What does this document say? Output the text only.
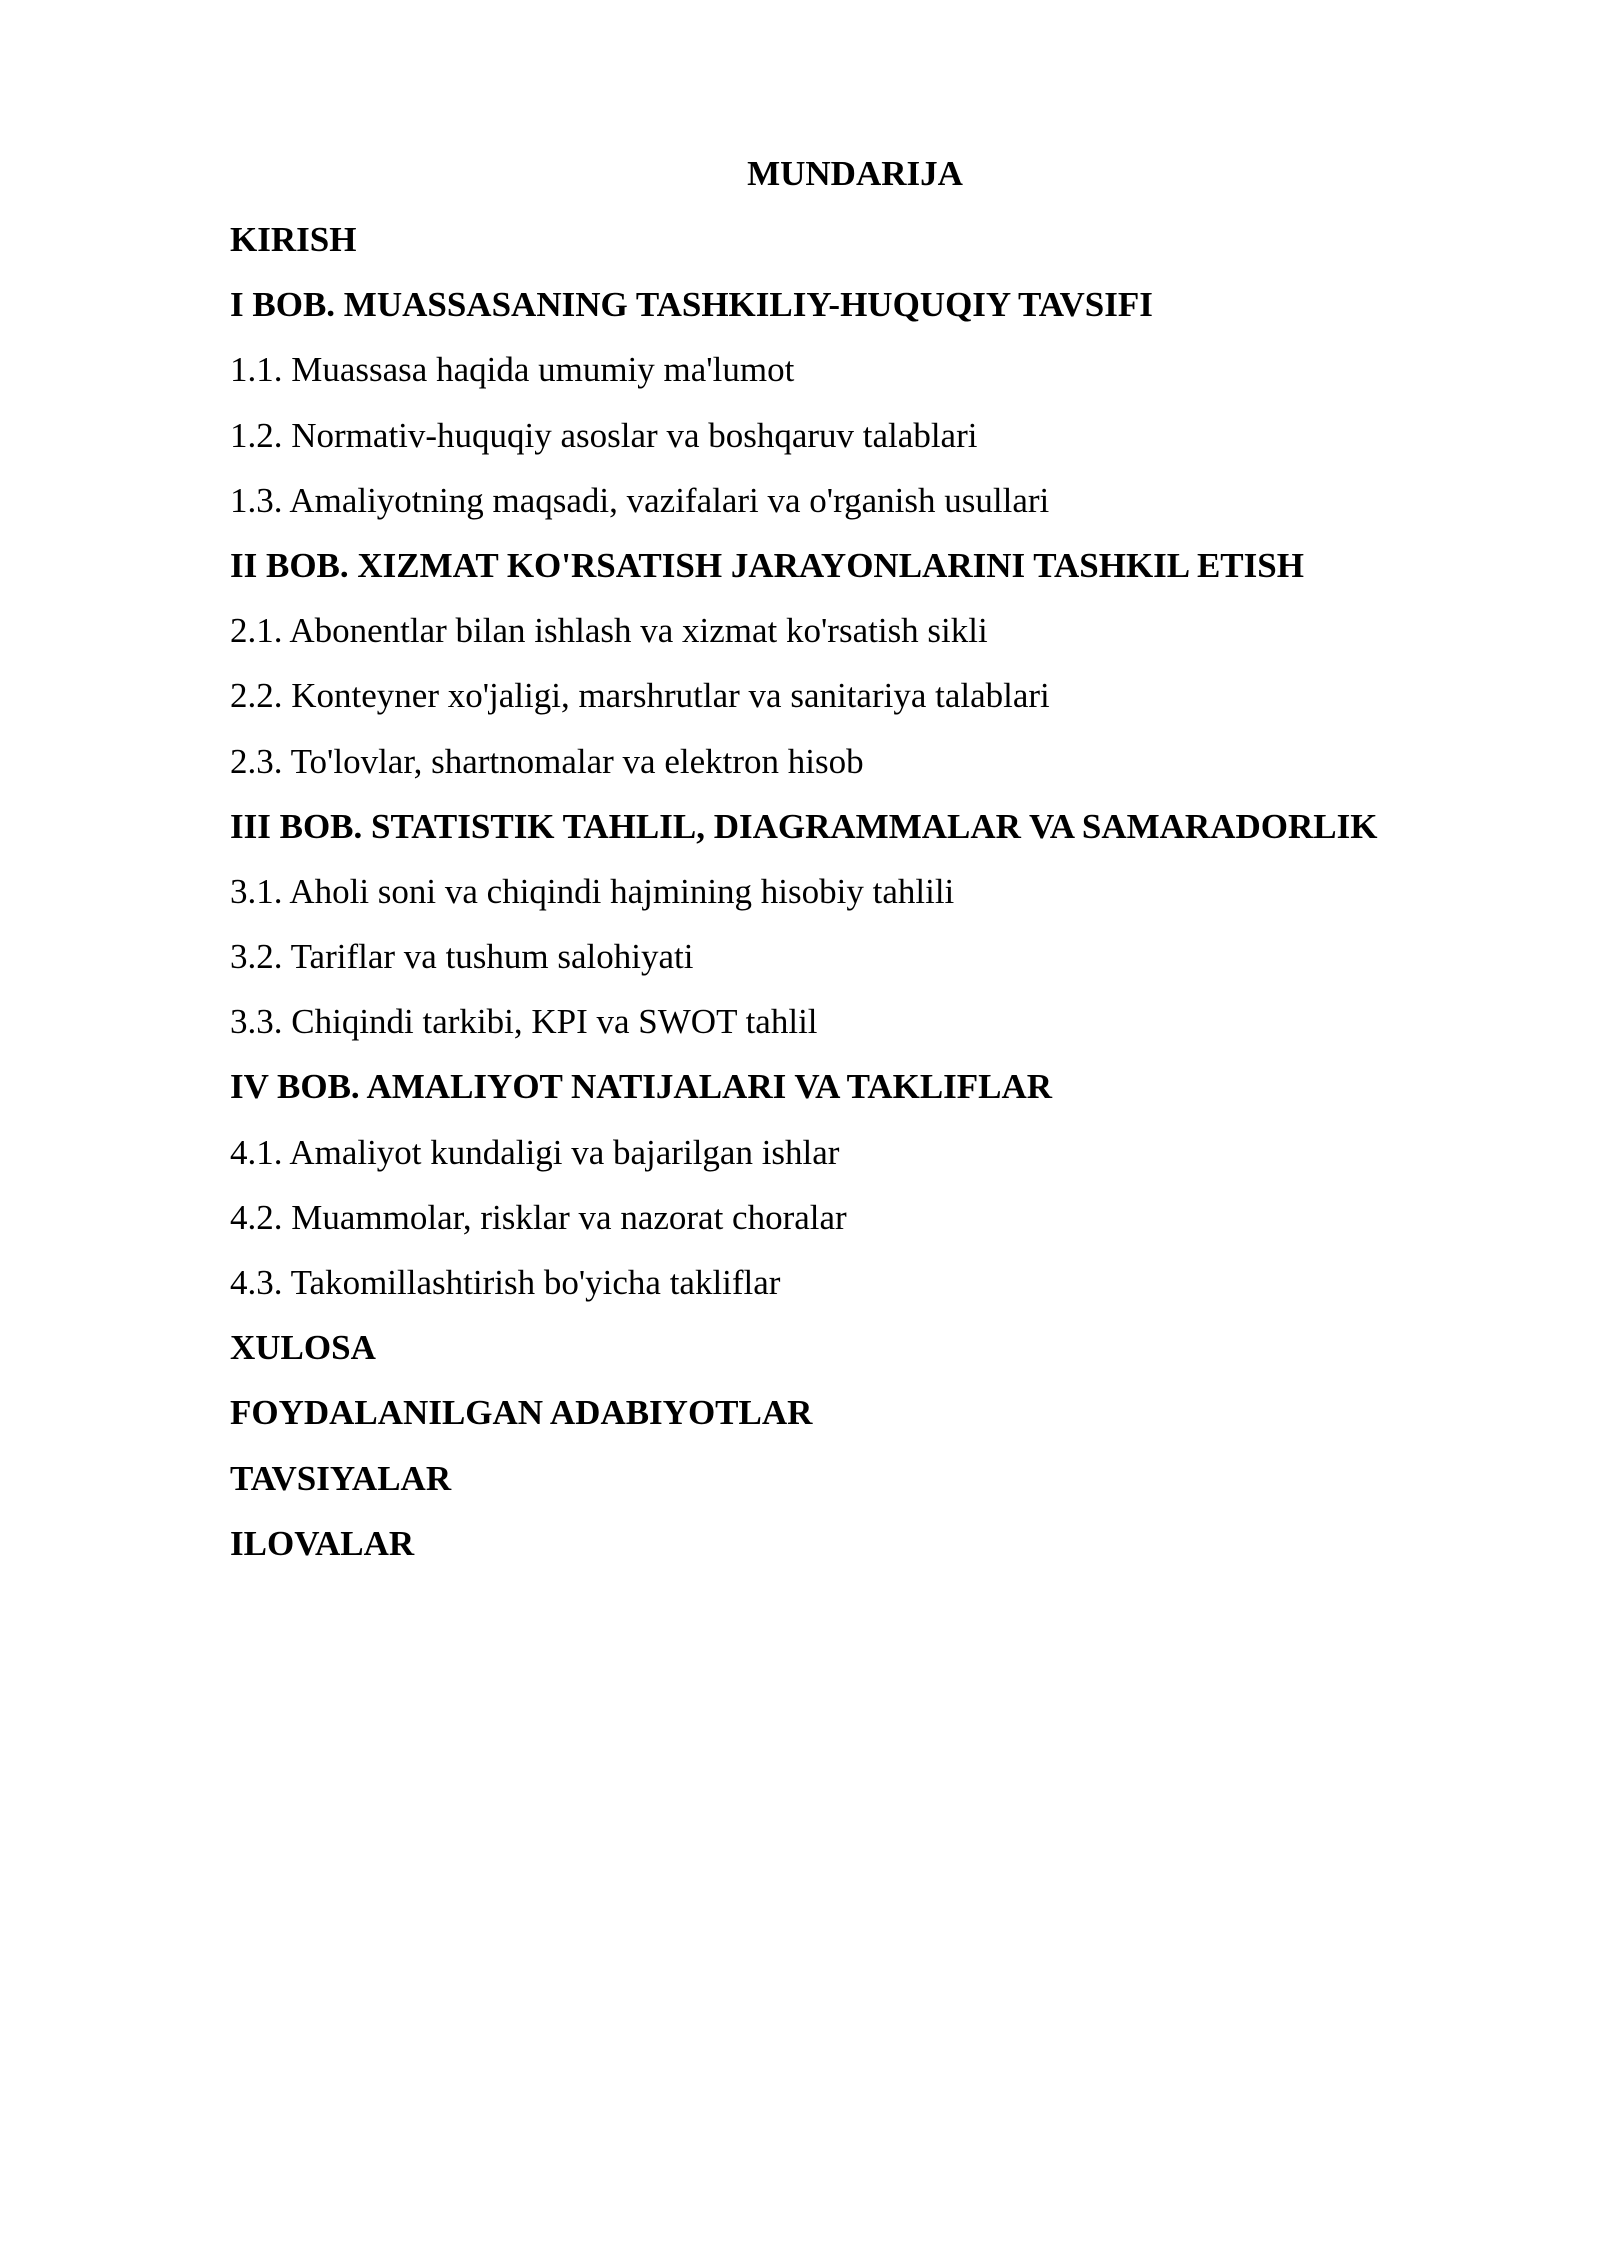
MUNDARIJA
KIRISH
I BOB. MUASSASANING TASHKILIY-HUQUQIY TAVSIFI
1.1. Muassasa haqida umumiy ma'lumot
1.2. Normativ-huquqiy asoslar va boshqaruv talablari
1.3. Amaliyotning maqsadi, vazifalari va o'rganish usullari
II BOB. XIZMAT KO'RSATISH JARAYONLARINI TASHKIL ETISH
2.1. Abonentlar bilan ishlash va xizmat ko'rsatish sikli
2.2. Konteyner xo'jaligi, marshrutlar va sanitariya talablari
2.3. To'lovlar, shartnomalar va elektron hisob
III BOB. STATISTIK TAHLIL, DIAGRAMMALAR VA SAMARADORLIK
3.1. Aholi soni va chiqindi hajmining hisobiy tahlili
3.2. Tariflar va tushum salohiyati
3.3. Chiqindi tarkibi, KPI va SWOT tahlil
IV BOB. AMALIYOT NATIJALARI VA TAKLIFLAR
4.1. Amaliyot kundaligi va bajarilgan ishlar
4.2. Muammolar, risklar va nazorat choralar
4.3. Takomillashtirish bo'yicha takliflar
XULOSA
FOYDALANILGAN ADABIYOTLAR
TAVSIYALAR
ILOVALAR
